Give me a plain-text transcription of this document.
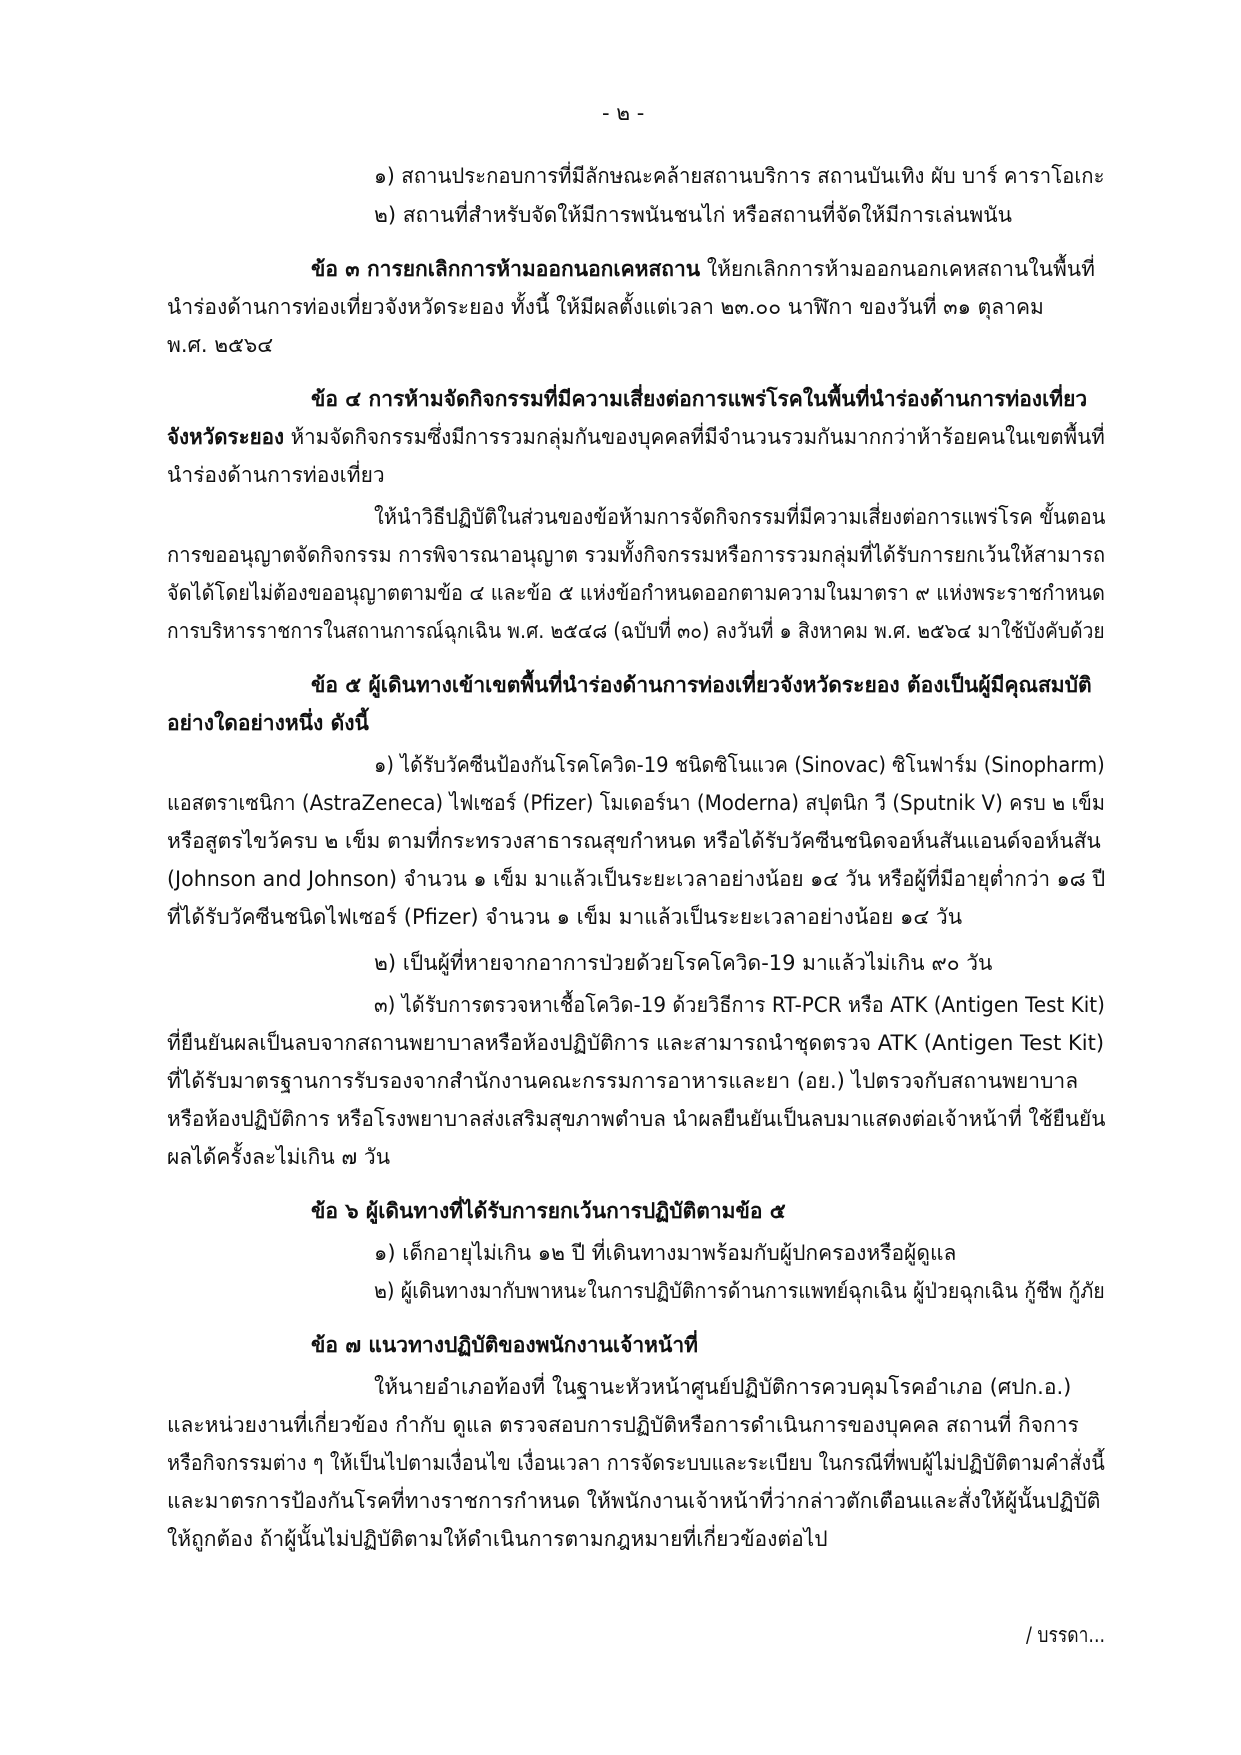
- ๒ -
๑) สถานประกอบการที่มีลักษณะคล้ายสถานบริการ สถานบันเทิง ผับ บาร์ คาราโอเกะ
๒) สถานที่สำหรับจัดให้มีการพนันชนไก่ หรือสถานที่จัดให้มีการเล่นพนัน
ข้อ ๓ การยกเลิกการห้ามออกนอกเคหสถาน ให้ยกเลิกการห้ามออกนอกเคหสถานในพื้นที่
นำร่องด้านการท่องเที่ยวจังหวัดระยอง ทั้งนี้ ให้มีผลตั้งแต่เวลา ๒๓.๐๐ นาฬิกา ของวันที่ ๓๑ ตุลาคม
พ.ศ. ๒๕๖๔
ข้อ ๔ การห้ามจัดกิจกรรมที่มีความเสี่ยงต่อการแพร่โรคในพื้นที่นำร่องด้านการท่องเที่ยว
จังหวัดระยอง ห้ามจัดกิจกรรมซึ่งมีการรวมกลุ่มกันของบุคคลที่มีจำนวนรวมกันมากกว่าห้าร้อยคนในเขตพื้นที่
นำร่องด้านการท่องเที่ยว
ให้นำวิธีปฏิบัติในส่วนของข้อห้ามการจัดกิจกรรมที่มีความเสี่ยงต่อการแพร่โรค ขั้นตอน
การขออนุญาตจัดกิจกรรม การพิจารณาอนุญาต รวมทั้งกิจกรรมหรือการรวมกลุ่มที่ได้รับการยกเว้นให้สามารถ
จัดได้โดยไม่ต้องขออนุญาตตามข้อ ๔ และข้อ ๕ แห่งข้อกำหนดออกตามความในมาตรา ๙ แห่งพระราชกำหนด
การบริหารราชการในสถานการณ์ฉุกเฉิน พ.ศ. ๒๕๔๘ (ฉบับที่ ๓๐) ลงวันที่ ๑ สิงหาคม พ.ศ. ๒๕๖๔ มาใช้บังคับด้วย
ข้อ ๕ ผู้เดินทางเข้าเขตพื้นที่นำร่องด้านการท่องเที่ยวจังหวัดระยอง ต้องเป็นผู้มีคุณสมบัติ
อย่างใดอย่างหนึ่ง ดังนี้
๑) ได้รับวัคซีนป้องกันโรคโควิด-19 ชนิดซิโนแวค (Sinovac) ซิโนฟาร์ม (Sinopharm)
แอสตราเซนิกา (AstraZeneca) ไฟเซอร์ (Pfizer) โมเดอร์นา (Moderna) สปุตนิก วี (Sputnik V) ครบ ๒ เข็ม
หรือสูตรไขว้ครบ ๒ เข็ม ตามที่กระทรวงสาธารณสุขกำหนด หรือได้รับวัคซีนชนิดจอห์นสันแอนด์จอห์นสัน
(Johnson and Johnson) จำนวน ๑ เข็ม มาแล้วเป็นระยะเวลาอย่างน้อย ๑๔ วัน หรือผู้ที่มีอายุต่ำกว่า ๑๘ ปี
ที่ได้รับวัคซีนชนิดไฟเซอร์ (Pfizer) จำนวน ๑ เข็ม มาแล้วเป็นระยะเวลาอย่างน้อย ๑๔ วัน
๒) เป็นผู้ที่หายจากอาการป่วยด้วยโรคโควิด-19 มาแล้วไม่เกิน ๙๐ วัน
๓) ได้รับการตรวจหาเชื้อโควิด-19 ด้วยวิธีการ RT-PCR หรือ ATK (Antigen Test Kit)
ที่ยืนยันผลเป็นลบจากสถานพยาบาลหรือห้องปฏิบัติการ และสามารถนำชุดตรวจ ATK (Antigen Test Kit)
ที่ได้รับมาตรฐานการรับรองจากสำนักงานคณะกรรมการอาหารและยา (อย.) ไปตรวจกับสถานพยาบาล
หรือห้องปฏิบัติการ หรือโรงพยาบาลส่งเสริมสุขภาพตำบล นำผลยืนยันเป็นลบมาแสดงต่อเจ้าหน้าที่ ใช้ยืนยัน
ผลได้ครั้งละไม่เกิน ๗ วัน
ข้อ ๖ ผู้เดินทางที่ได้รับการยกเว้นการปฏิบัติตามข้อ ๕
๑) เด็กอายุไม่เกิน ๑๒ ปี ที่เดินทางมาพร้อมกับผู้ปกครองหรือผู้ดูแล
๒) ผู้เดินทางมากับพาหนะในการปฏิบัติการด้านการแพทย์ฉุกเฉิน ผู้ป่วยฉุกเฉิน กู้ชีพ กู้ภัย
ข้อ ๗ แนวทางปฏิบัติของพนักงานเจ้าหน้าที่
ให้นายอำเภอท้องที่ ในฐานะหัวหน้าศูนย์ปฏิบัติการควบคุมโรคอำเภอ (ศปก.อ.)
และหน่วยงานที่เกี่ยวข้อง กำกับ ดูแล ตรวจสอบการปฏิบัติหรือการดำเนินการของบุคคล สถานที่ กิจการ
หรือกิจกรรมต่าง ๆ ให้เป็นไปตามเงื่อนไข เงื่อนเวลา การจัดระบบและระเบียบ ในกรณีที่พบผู้ไม่ปฏิบัติตามคำสั่งนี้
และมาตรการป้องกันโรคที่ทางราชการกำหนด ให้พนักงานเจ้าหน้าที่ว่ากล่าวตักเตือนและสั่งให้ผู้นั้นปฏิบัติ
ให้ถูกต้อง ถ้าผู้นั้นไม่ปฏิบัติตามให้ดำเนินการตามกฎหมายที่เกี่ยวข้องต่อไป
/ บรรดา...
